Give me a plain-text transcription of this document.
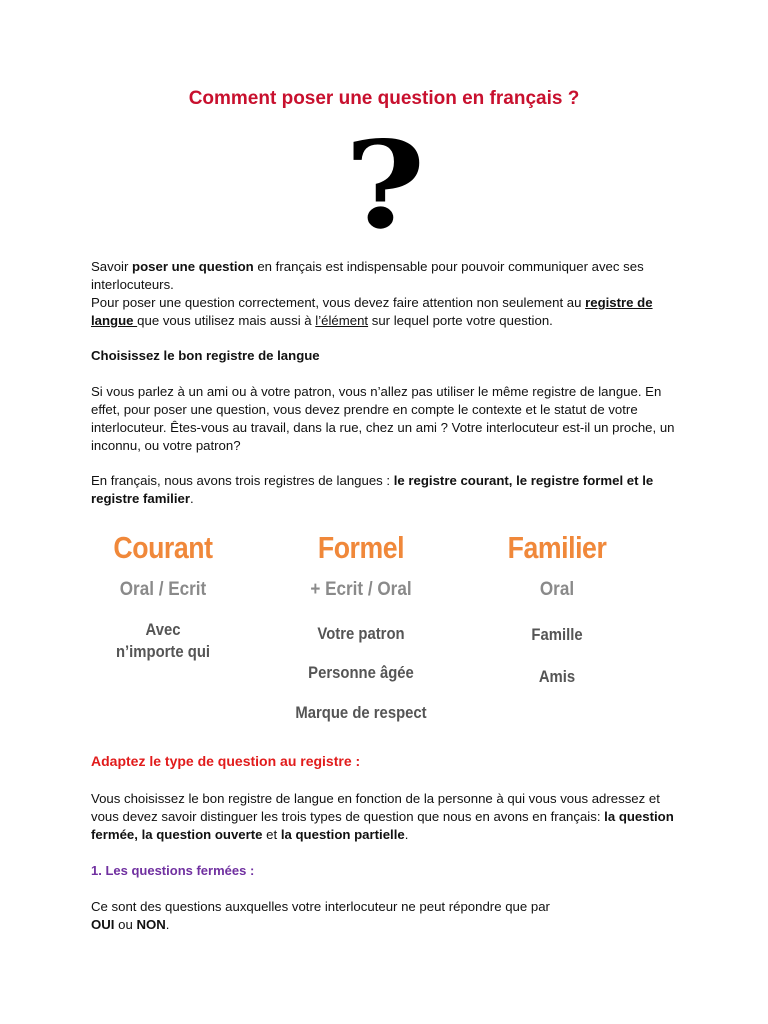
Comment poser une question en français ?
?

Savoir poser une question en français est indispensable pour pouvoir communiquer avec ses interlocuteurs.
Pour poser une question correctement, vous devez faire attention non seulement au registre de langue que vous utilisez mais aussi à l’élément sur lequel porte votre question.

Choisissez le bon registre de langue

Si vous parlez à un ami ou à votre patron, vous n’allez pas utiliser le même registre de langue. En effet, pour poser une question, vous devez prendre en compte le contexte et le statut de votre interlocuteur. Êtes-vous au travail, dans la rue, chez un ami ? Votre interlocuteur est-il un proche, un inconnu, ou votre patron?

En français, nous avons trois registres de langues : le registre courant, le registre formel et le registre familier.

Courant

Oral / Ecrit
Avec
n’importe qui

Formel

+ Ecrit / Oral
Votre patron
Personne âgée
Marque de respect

Familier

Oral
Famille
Amis

Adaptez le type de question au registre :

Vous choisissez le bon registre de langue en fonction de la personne à qui vous vous adressez et vous devez savoir distinguer les trois types de question que nous en avons en français: la question fermée, la question ouverte et la question partielle.

1. Les questions fermées :

Ce sont des questions auxquelles votre interlocuteur ne peut répondre que par OUI ou NON.
